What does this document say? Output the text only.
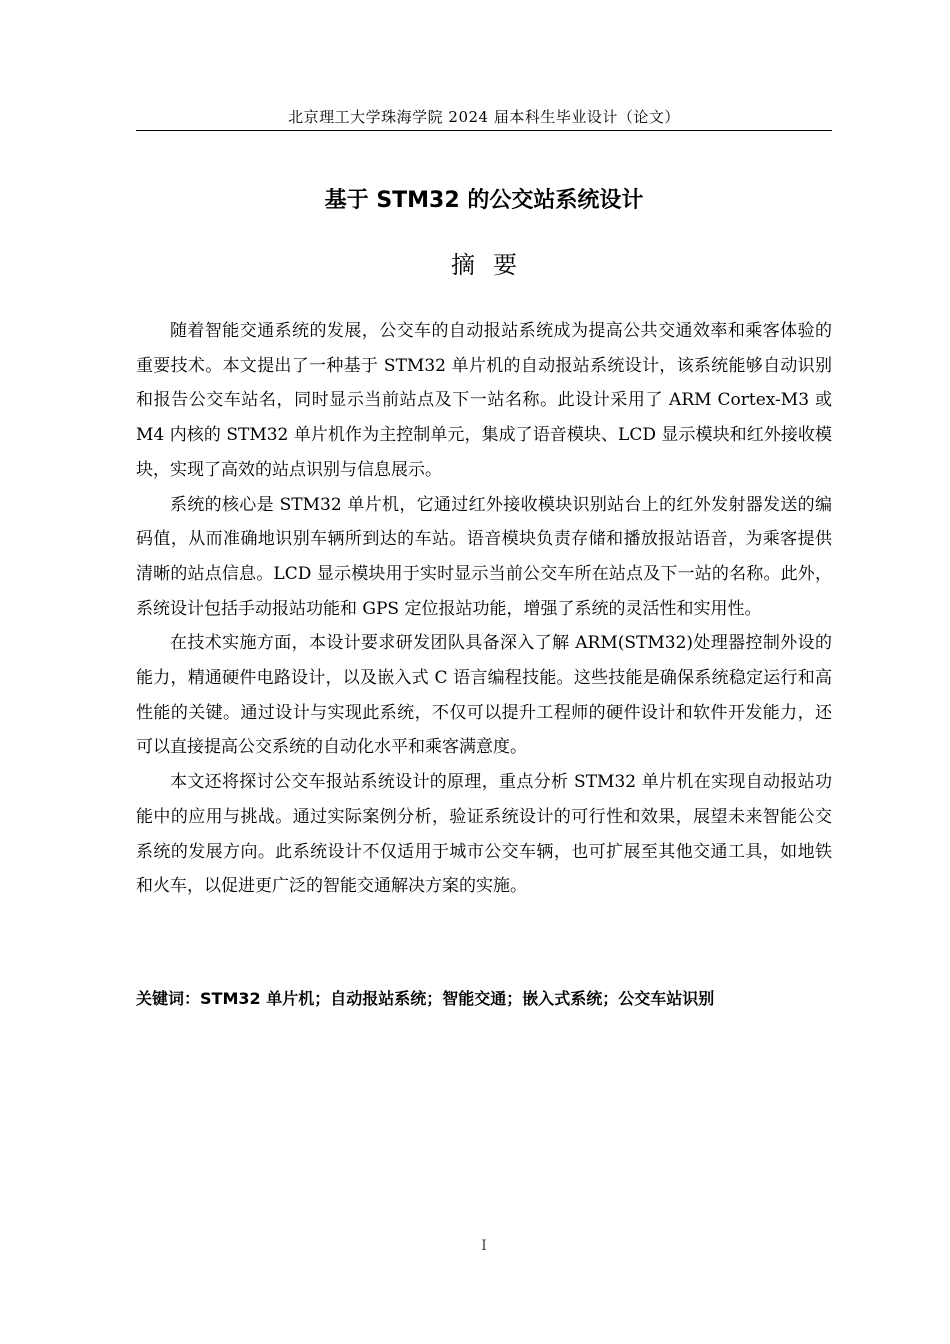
北京理工大学珠海学院 2024 届本科生毕业设计（论文）
基于 STM32 的公交站系统设计
摘要

随着智能交通系统的发展，公交车的自动报站系统成为提高公共交通效率和乘客体验的重要技术。本文提出了一种基于 STM32 单片机的自动报站系统设计，该系统能够自动识别和报告公交车站名，同时显示当前站点及下一站名称。此设计采用了 ARM Cortex-M3 或 M4 内核的 STM32 单片机作为主控制单元，集成了语音模块、LCD 显示模块和红外接收模块，实现了高效的站点识别与信息展示。

系统的核心是 STM32 单片机，它通过红外接收模块识别站台上的红外发射器发送的编码值，从而准确地识别车辆所到达的车站。语音模块负责存储和播放报站语音，为乘客提供清晰的站点信息。LCD 显示模块用于实时显示当前公交车所在站点及下一站的名称。此外，系统设计包括手动报站功能和 GPS 定位报站功能，增强了系统的灵活性和实用性。

在技术实施方面，本设计要求研发团队具备深入了解 ARM(STM32)处理器控制外设的能力，精通硬件电路设计，以及嵌入式 C 语言编程技能。这些技能是确保系统稳定运行和高性能的关键。通过设计与实现此系统，不仅可以提升工程师的硬件设计和软件开发能力，还可以直接提高公交系统的自动化水平和乘客满意度。

本文还将探讨公交车报站系统设计的原理，重点分析 STM32 单片机在实现自动报站功能中的应用与挑战。通过实际案例分析，验证系统设计的可行性和效果，展望未来智能公交系统的发展方向。此系统设计不仅适用于城市公交车辆，也可扩展至其他交通工具，如地铁和火车，以促进更广泛的智能交通解决方案的实施。

关键词：STM32 单片机；自动报站系统；智能交通；嵌入式系统；公交车站识别
I
